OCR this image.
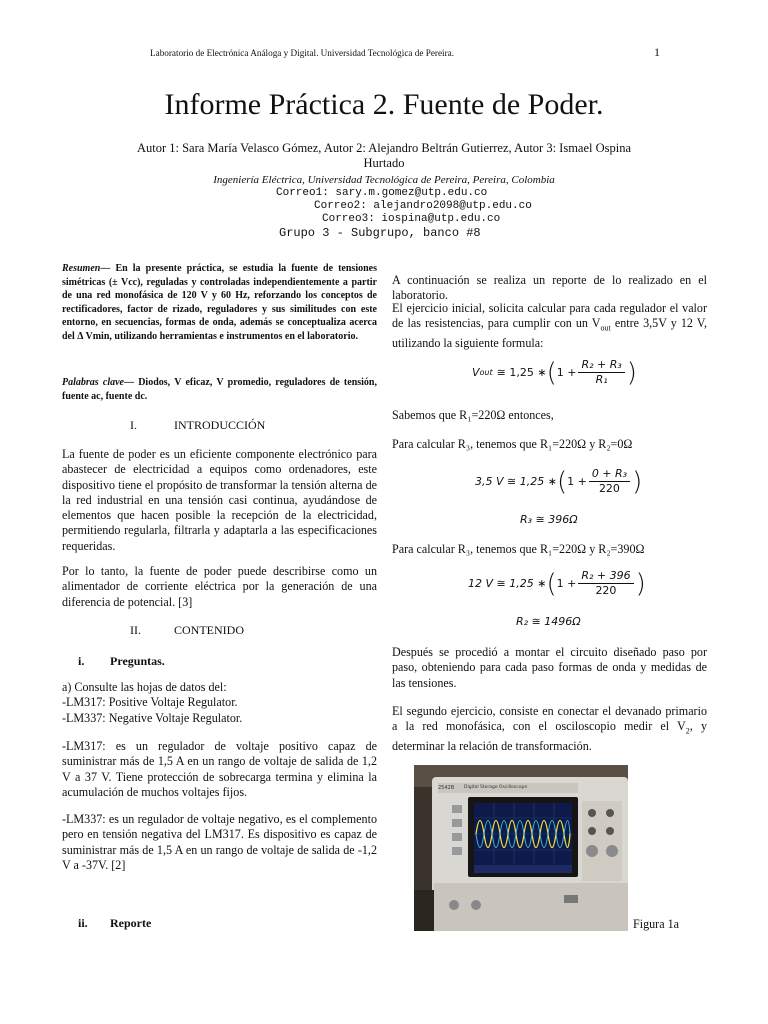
Laboratorio de Electrónica Análoga y Digital. Universidad Tecnológica de Pereira.	1
Informe Práctica 2. Fuente de Poder.
Autor 1: Sara María Velasco Gómez, Autor 2: Alejandro Beltrán Gutierrez, Autor 3: Ismael Ospina
Hurtado
Ingeniería Eléctrica, Universidad Tecnológica de Pereira, Pereira, Colombia
Correo1: sary.m.gomez@utp.edu.co
Correo2: alejandro2098@utp.edu.co
Correo3: iospina@utp.edu.co
Grupo 3 - Subgrupo, banco #8
Resumen— En la presente práctica, se estudia la fuente de tensiones simétricas (± Vcc), reguladas y controladas independientemente a partir de una red monofásica de 120 V y 60 Hz, reforzando los conceptos de rectificadores, factor de rizado, reguladores y sus similitudes con este entorno, en secuencias, formas de onda, además se conceptualiza acerca del Δ Vmin, utilizando herramientas e instrumentos en el laboratorio.
Palabras clave— Diodos, V eficaz, V promedio, reguladores de tensión, fuente ac, fuente dc.
I.	INTRODUCCIÓN
La fuente de poder es un eficiente componente electrónico para abastecer de electricidad a equipos como ordenadores, este dispositivo tiene el propósito de transformar la tensión alterna de la red industrial en una tensión casi continua, ayudándose de elementos que hacen posible la recepción de la electricidad, permitiendo regularla, filtrarla y adaptarla a las especificaciones requeridas.
Por lo tanto, la fuente de poder puede describirse como un alimentador de corriente eléctrica por la generación de una diferencia de potencial. [3]
II.	CONTENIDO
i. Preguntas.
a) Consulte las hojas de datos del:
-LM317: Positive Voltaje Regulator.
-LM337: Negative Voltaje Regulator.
-LM317: es un regulador de voltaje positivo capaz de suministrar más de 1,5 A en un rango de voltaje de salida de 1,2 V a 37 V. Tiene protección de sobrecarga termina y elimina la acumulación de muchos voltajes fijos.
-LM337: es un regulador de voltaje negativo, es el complemento pero en tensión negativa del LM317. Es dispositivo es capaz de suministrar más de 1,5 A en un rango de voltaje de salida de -1,2 V a -37V. [2]
ii. Reporte
A continuación se realiza un reporte de lo realizado en el laboratorio.
El ejercicio inicial, solicita calcular para cada regulador el valor de las resistencias, para cumplir con un $V_{out}$ entre 3,5V y 12 V, utilizando la siguiente formula:
V out ≅ 1,25 ∗ ( $1 + \frac{\text{R₂ + R₃}}{\text{R₁}}$ )
Sabemos que R₁=220Ω entonces,
Para calcular R₃, tenemos que R₁=220Ω y R₂=0Ω
3,5 V ≅ 1,25 ∗ ( $1 + \frac{\text{0 + R₃}}{220}$ )
R₃ ≅ 396Ω
Para calcular R₃, tenemos que R₁=220Ω y R₂=390Ω
12 V ≅ 1,25 ∗ ( $1 + \frac{\text{R₂ + 396}}{220}$ )
R₂ ≅ 1496Ω
Después se procedió a montar el circuito diseñado paso por paso, obteniendo para cada paso formas de onda y medidas de las tensiones.
El segundo ejercicio, consiste en conectar el devanado primario a la red monofásica, con el osciloscopio medir el $V_2$, y determinar la relación de transformación.
2542B Digital Storage Oscilloscope
Figura 1a
